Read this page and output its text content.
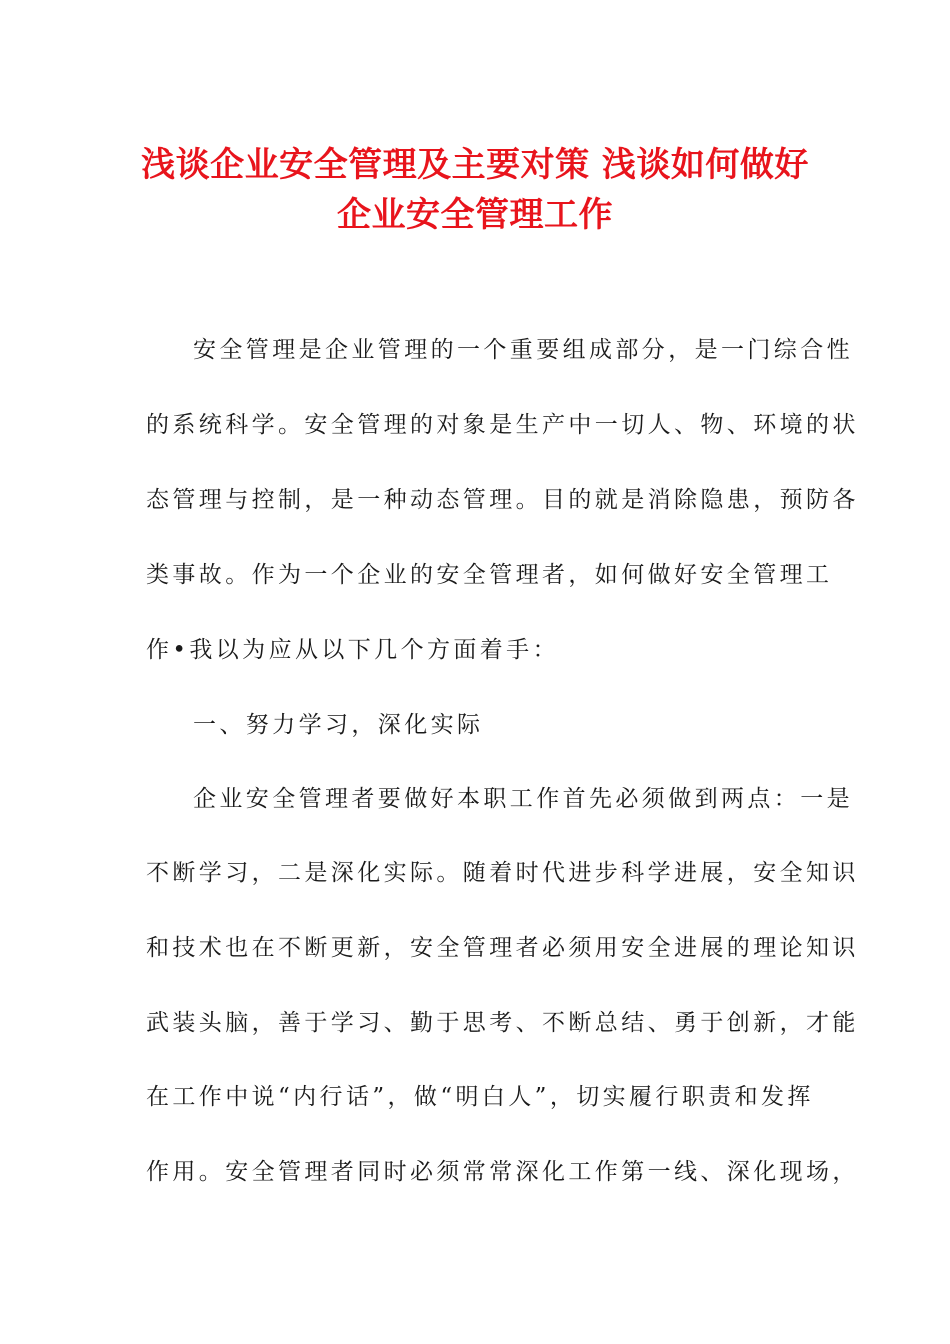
浅谈企业安全管理及主要对策 浅谈如何做好
企业安全管理工作

安全管理是企业管理的一个重要组成部分，是一门综合性

的系统科学。安全管理的对象是生产中一切人、物、环境的状

态管理与控制，是一种动态管理。目的就是消除隐患，预防各

类事故。作为一个企业的安全管理者，如何做好安全管理工

作•我以为应从以下几个方面着手：

一、努力学习，深化实际

企业安全管理者要做好本职工作首先必须做到两点：一是

不断学习，二是深化实际。随着时代进步科学进展，安全知识

和技术也在不断更新，安全管理者必须用安全进展的理论知识

武装头脑，善于学习、勤于思考、不断总结、勇于创新，才能

在工作中说“内行话”，做“明白人”，切实履行职责和发挥

作用。安全管理者同时必须常常深化工作第一线、深化现场，
